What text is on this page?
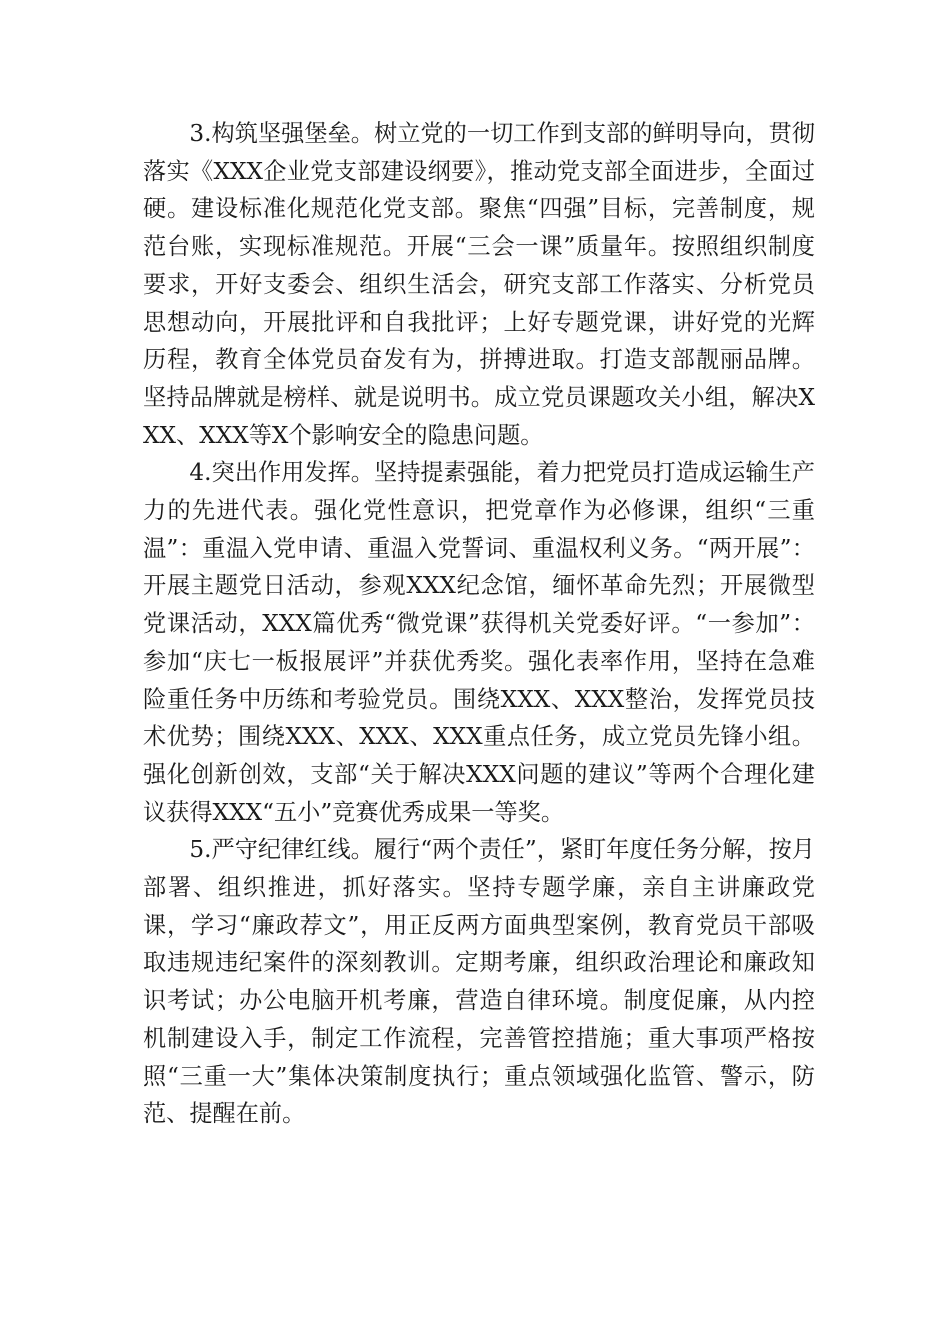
3.构筑坚强堡垒。树立党的一切工作到支部的鲜明导向，贯彻落实《XXX企业党支部建设纲要》，推动党支部全面进步，全面过硬。建设标准化规范化党支部。聚焦“四强”目标，完善制度，规范台账，实现标准规范。开展“三会一课”质量年。按照组织制度要求，开好支委会、组织生活会，研究支部工作落实、分析党员思想动向，开展批评和自我批评；上好专题党课，讲好党的光辉历程，教育全体党员奋发有为，拼搏进取。打造支部靓丽品牌。坚持品牌就是榜样、就是说明书。成立党员课题攻关小组，解决XXX、XXX等X个影响安全的隐患问题。

4.突出作用发挥。坚持提素强能，着力把党员打造成运输生产力的先进代表。强化党性意识，把党章作为必修课，组织“三重温”：重温入党申请、重温入党誓词、重温权利义务。“两开展”：开展主题党日活动，参观XXX纪念馆，缅怀革命先烈；开展微型党课活动，XXX篇优秀“微党课”获得机关党委好评。“一参加”：参加“庆七一板报展评”并获优秀奖。强化表率作用，坚持在急难险重任务中历练和考验党员。围绕XXX、XXX整治，发挥党员技术优势；围绕XXX、XXX、XXX重点任务，成立党员先锋小组。强化创新创效，支部“关于解决XXX问题的建议”等两个合理化建议获得XXX“五小”竞赛优秀成果一等奖。

5.严守纪律红线。履行“两个责任”，紧盯年度任务分解，按月部署、组织推进，抓好落实。坚持专题学廉，亲自主讲廉政党课，学习“廉政荐文”，用正反两方面典型案例，教育党员干部吸取违规违纪案件的深刻教训。定期考廉，组织政治理论和廉政知识考试；办公电脑开机考廉，营造自律环境。制度促廉，从内控机制建设入手，制定工作流程，完善管控措施；重大事项严格按照“三重一大”集体决策制度执行；重点领域强化监管、警示，防范、提醒在前。
